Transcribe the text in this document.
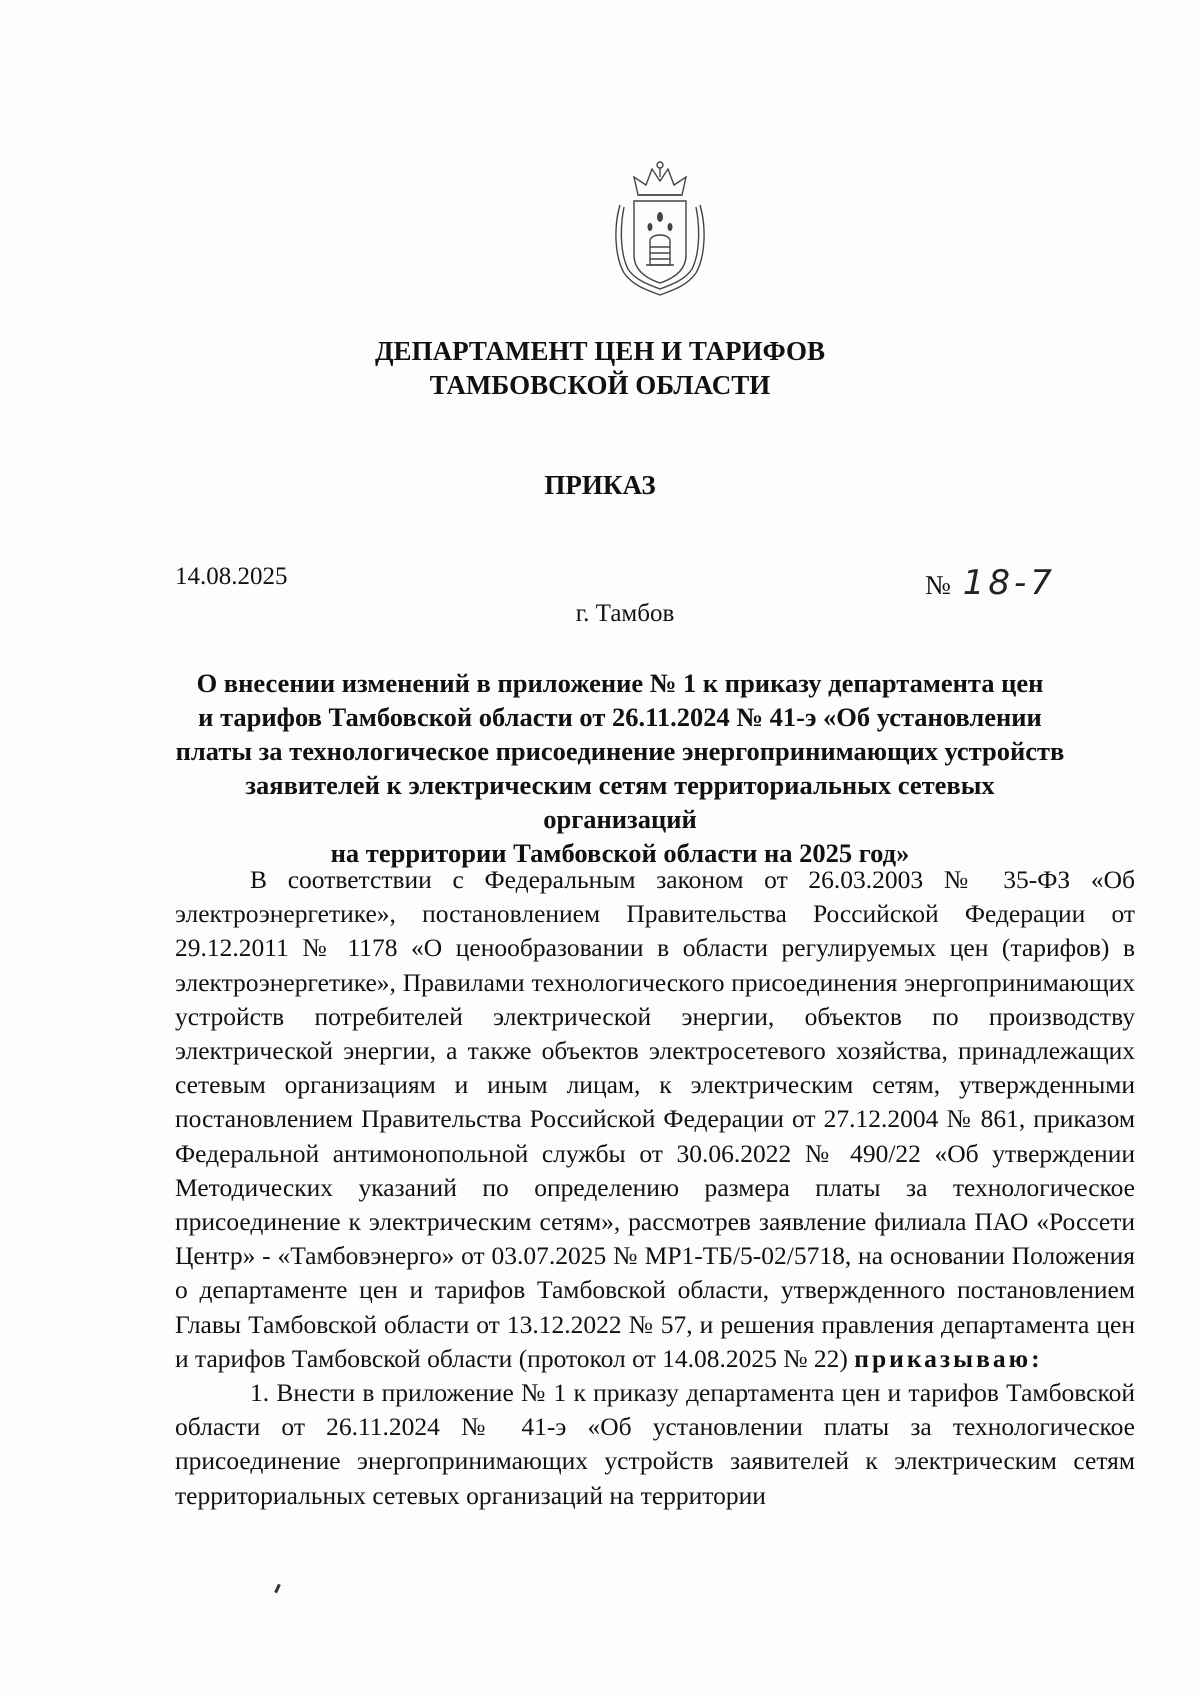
ДЕПАРТАМЕНТ ЦЕН И ТАРИФОВ
ТАМБОВСКОЙ ОБЛАСТИ
ПРИКАЗ
14.08.2025	№ 18-7
г. Тамбов
О внесении изменений в приложение № 1 к приказу департамента цен
и тарифов Тамбовской области от 26.11.2024 № 41-э «Об установлении
платы за технологическое присоединение энергопринимающих устройств
заявителей к электрическим сетям территориальных сетевых организаций
на территории Тамбовской области на 2025 год»

В соответствии с Федеральным законом от 26.03.2003 № 35-ФЗ «Об электроэнергетике», постановлением Правительства Российской Федерации от 29.12.2011 № 1178 «О ценообразовании в области регулируемых цен (тарифов) в электроэнергетике», Правилами технологического присоединения энергопринимающих устройств потребителей электрической энергии, объектов по производству электрической энергии, а также объектов электросетевого хозяйства, принадлежащих сетевым организациям и иным лицам, к электрическим сетям, утвержденными постановлением Правительства Российской Федерации от 27.12.2004 № 861, приказом Федеральной антимонопольной службы от 30.06.2022 № 490/22 «Об утверждении Методических указаний по определению размера платы за технологическое присоединение к электрическим сетям», рассмотрев заявление филиала ПАО «Россети Центр» - «Тамбовэнерго» от 03.07.2025 № МР1-ТБ/5-02/5718, на основании Положения о департаменте цен и тарифов Тамбовской области, утвержденного постановлением Главы Тамбовской области от 13.12.2022 № 57, и решения правления департамента цен и тарифов Тамбовской области (протокол от 14.08.2025 № 22) приказываю:

1. Внести в приложение № 1 к приказу департамента цен и тарифов Тамбовской области от 26.11.2024 № 41-э «Об установлении платы за технологическое присоединение энергопринимающих устройств заявителей к электрическим сетям территориальных сетевых организаций на территории
